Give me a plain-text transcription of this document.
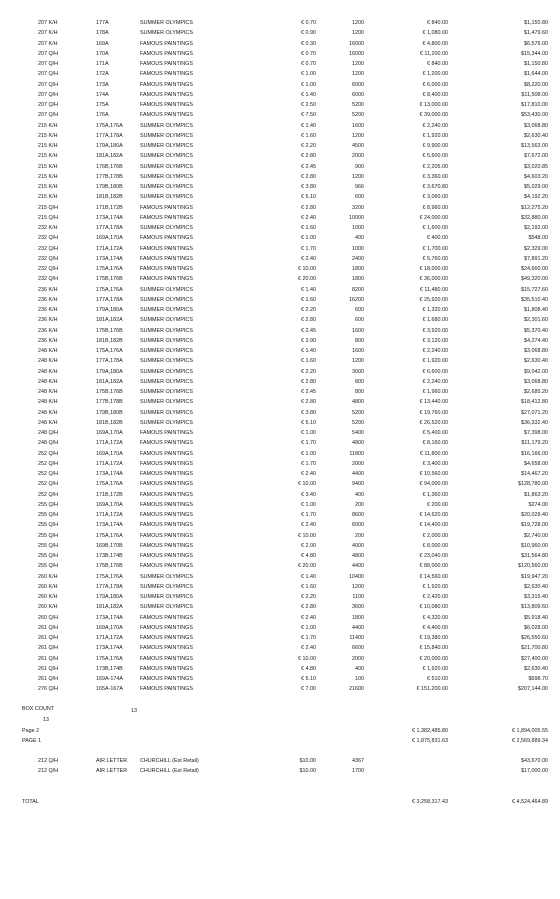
207 K/H	177A	SUMMER OLYMPICS	€ 0.70	1200	€ 840.00	$1,150.80
207 K/H	178A	SUMMER OLYMPICS	€ 0.90	1200	€ 1,080.00	$1,479.60
207 K/H	169A	FAMOUS PAINTINGS	€ 0.30	16000	€ 4,800.00	$6,576.00
207 Q/H	170A	FAMOUS PAINTINGS	€ 0.70	16000	€ 11,200.00	$15,344.00
207 Q/H	171A	FAMOUS PAINTINGS	€ 0.70	1200	€ 840.00	$1,150.80
207 Q/H	172A	FAMOUS PAINTINGS	€ 1.00	1200	€ 1,200.00	$1,644.00
207 Q/H	173A	FAMOUS PAINTINGS	€ 1.00	6000	€ 6,000.00	$8,220.00
207 Q/H	174A	FAMOUS PAINTINGS	€ 1.40	6000	€ 8,400.00	$11,508.00
207 Q/H	175A	FAMOUS PAINTINGS	€ 2.50	5200	€ 13,000.00	$17,810.00
207 Q/H	176A	FAMOUS PAINTINGS	€ 7.50	5200	€ 39,000.00	$53,430.00
215 K/H	175A,176A	SUMMER OLYMPICS	€ 1.40	1600	€ 2,240.00	$3,068.80
215 K/H	177A,178A	SUMMER OLYMPICS	€ 1.60	1200	€ 1,920.00	$2,630.40
215 K/H	179A,180A	SUMMER OLYMPICS	€ 2.20	4500	€ 9,900.00	$13,563.00
215 K/H	181A,182A	SUMMER OLYMPICS	€ 2.80	2000	€ 5,600.00	$7,672.00
215 K/H	176B,176B	SUMMER OLYMPICS	€ 2.45	900	€ 2,205.00	$3,020.85
215 K/H	177B,178B	SUMMER OLYMPICS	€ 2.80	1200	€ 3,360.00	$4,603.20
215 K/H	179B,180B	SUMMER OLYMPICS	€ 3.80	966	€ 3,670.80	$5,029.00
215 K/H	181B,182B	SUMMER OLYMPICS	€ 5.10	600	€ 3,060.00	$4,192.20
215 Q/H	171B,172B	FAMOUS PAINTINGS	€ 2.80	3200	€ 8,960.00	$12,275.20
215 Q/H	173A,174A	FAMOUS PAINTINGS	€ 2.40	10000	€ 24,000.00	$32,880.00
232 K/H	177A,178A	SUMMER OLYMPICS	€ 1.60	1000	€ 1,600.00	$2,192.00
232 Q/H	169A,170A	FAMOUS PAINTINGS	€ 1.00	400	€ 400.00	$548.00
232 Q/H	171A,172A	FAMOUS PAINTINGS	€ 1.70	1000	€ 1,700.00	$2,329.00
232 Q/H	173A,174A	FAMOUS PAINTINGS	€ 2.40	2400	€ 5,760.00	$7,891.20
232 Q/H	175A,176A	FAMOUS PAINTINGS	€ 10.00	1800	€ 18,000.00	$24,660.00
232 Q/H	175B,176B	FAMOUS PAINTINGS	€ 20.00	1800	€ 36,000.00	$49,320.00
236 K/H	175A,176A	SUMMER OLYMPICS	€ 1.40	8200	€ 11,480.00	$15,727.60
236 K/H	177A,178A	SUMMER OLYMPICS	€ 1.60	16200	€ 25,920.00	$35,510.40
236 K/H	179A,180A	SUMMER OLYMPICS	€ 2.20	600	€ 1,320.00	$1,808.40
236 K/H	181A,182A	SUMMER OLYMPICS	€ 2.80	600	€ 1,680.00	$2,301.60
236 K/H	175B,176B	SUMMER OLYMPICS	€ 2.45	1600	€ 3,920.00	$5,370.40
236 K/H	181B,182B	SUMMER OLYMPICS	€ 3.90	800	€ 3,120.00	$4,274.40
248 K/H	175A,176A	SUMMER OLYMPICS	€ 1.40	1600	€ 2,240.00	$3,068.80
248 K/H	177A,178A	SUMMER OLYMPICS	€ 1.60	1200	€ 1,920.00	$2,630.40
248 K/H	179A,180A	SUMMER OLYMPICS	€ 2.20	3000	€ 6,600.00	$9,042.00
248 K/H	181A,182A	SUMMER OLYMPICS	€ 2.80	800	€ 2,240.00	$3,068.80
248 K/H	175B,176B	SUMMER OLYMPICS	€ 2.45	800	€ 1,960.00	$2,685.20
248 K/H	177B,178B	SUMMER OLYMPICS	€ 2.80	4800	€ 13,440.00	$18,412.80
248 K/H	179B,180B	SUMMER OLYMPICS	€ 3.80	5200	€ 19,760.00	$27,071.20
248 K/H	181B,182B	SUMMER OLYMPICS	€ 5.10	5200	€ 26,520.00	$36,332.40
248 Q/H	169A,170A	FAMOUS PAINTINGS	€ 1.00	5400	€ 5,400.00	$7,398.00
248 Q/H	171A,172A	FAMOUS PAINTINGS	€ 1.70	4800	€ 8,160.00	$11,179.20
252 Q/H	169A,170A	FAMOUS PAINTINGS	€ 1.00	11800	€ 11,800.00	$16,166.00
252 Q/H	171A,172A	FAMOUS PAINTINGS	€ 1.70	2000	€ 3,400.00	$4,658.00
252 Q/H	173A,174A	FAMOUS PAINTINGS	€ 2.40	4400	€ 10,560.00	$14,467.20
252 Q/H	175A,176A	FAMOUS PAINTINGS	€ 10.00	9400	€ 94,000.00	$128,780.00
252 Q/H	171B,172B	FAMOUS PAINTINGS	€ 3.40	400	€ 1,360.00	$1,863.20
255 Q/H	169A,170A	FAMOUS PAINTINGS	€ 1.00	200	€ 200.00	$274.00
255 Q/H	171A,172A	FAMOUS PAINTINGS	€ 1.70	8600	€ 14,620.00	$20,029.40
255 Q/H	173A,174A	FAMOUS PAINTINGS	€ 2.40	6000	€ 14,400.00	$19,728.00
255 Q/H	175A,176A	FAMOUS PAINTINGS	€ 10.00	200	€ 2,000.00	$2,740.00
255 Q/H	169B,170B	FAMOUS PAINTINGS	€ 2.00	4000	€ 8,000.00	$10,960.00
255 Q/H	173B,174B	FAMOUS PAINTINGS	€ 4.80	4800	€ 23,040.00	$31,564.80
255 Q/H	175B,176B	FAMOUS PAINTINGS	€ 20.00	4400	€ 88,000.00	$120,560.00
260 K/H	175A,176A	SUMMER OLYMPICS	€ 1.40	10400	€ 14,560.00	$19,947.20
260 K/H	177A,178A	SUMMER OLYMPICS	€ 1.60	1200	€ 1,920.00	$2,630.40
260 K/H	179A,180A	SUMMER OLYMPICS	€ 2.20	1100	€ 2,420.00	$3,315.40
260 K/H	181A,182A	SUMMER OLYMPICS	€ 2.80	3600	€ 10,080.00	$13,809.60
260 Q/H	173A,174A	FAMOUS PAINTINGS	€ 2.40	1800	€ 4,320.00	$5,918.40
261 Q/H	169A,170A	FAMOUS PAINTINGS	€ 1.00	4400	€ 4,400.00	$6,028.00
261 Q/H	171A,172A	FAMOUS PAINTINGS	€ 1.70	11400	€ 19,380.00	$26,550.60
261 Q/H	173A,174A	FAMOUS PAINTINGS	€ 2.40	6600	€ 15,840.00	$21,700.80
261 Q/H	175A,176A	FAMOUS PAINTINGS	€ 10.00	2000	€ 20,000.00	$27,400.00
261 Q/H	173B,174B	FAMOUS PAINTINGS	€ 4.80	400	€ 1,920.00	$2,630.40
261 Q/H	169A-174A	FAMOUS PAINTINGS	€ 5.10	100	€ 510.00	$698.70
276 Q/H	165A-167A	FAMOUS PAINTINGS	€ 7.00	21600	€ 151,200.00	$207,144.00
BOX COUNT
13
13
Page 2	€ 1,382,485.80	€ 1,894,005.55
PAGE 1	€ 1,875,831.63	€ 2,569,889.34
212 Q/H	AIR LETTER CHURCHILL (Est Retail)	$10.00	4367	$43,670.00
212 Q/H	AIR LETTER CHURCHILL (Est Retail)	$10.00	1700	$17,000.00
TOTAL	€ 3,258,317.43	€ 4,524,464.89
